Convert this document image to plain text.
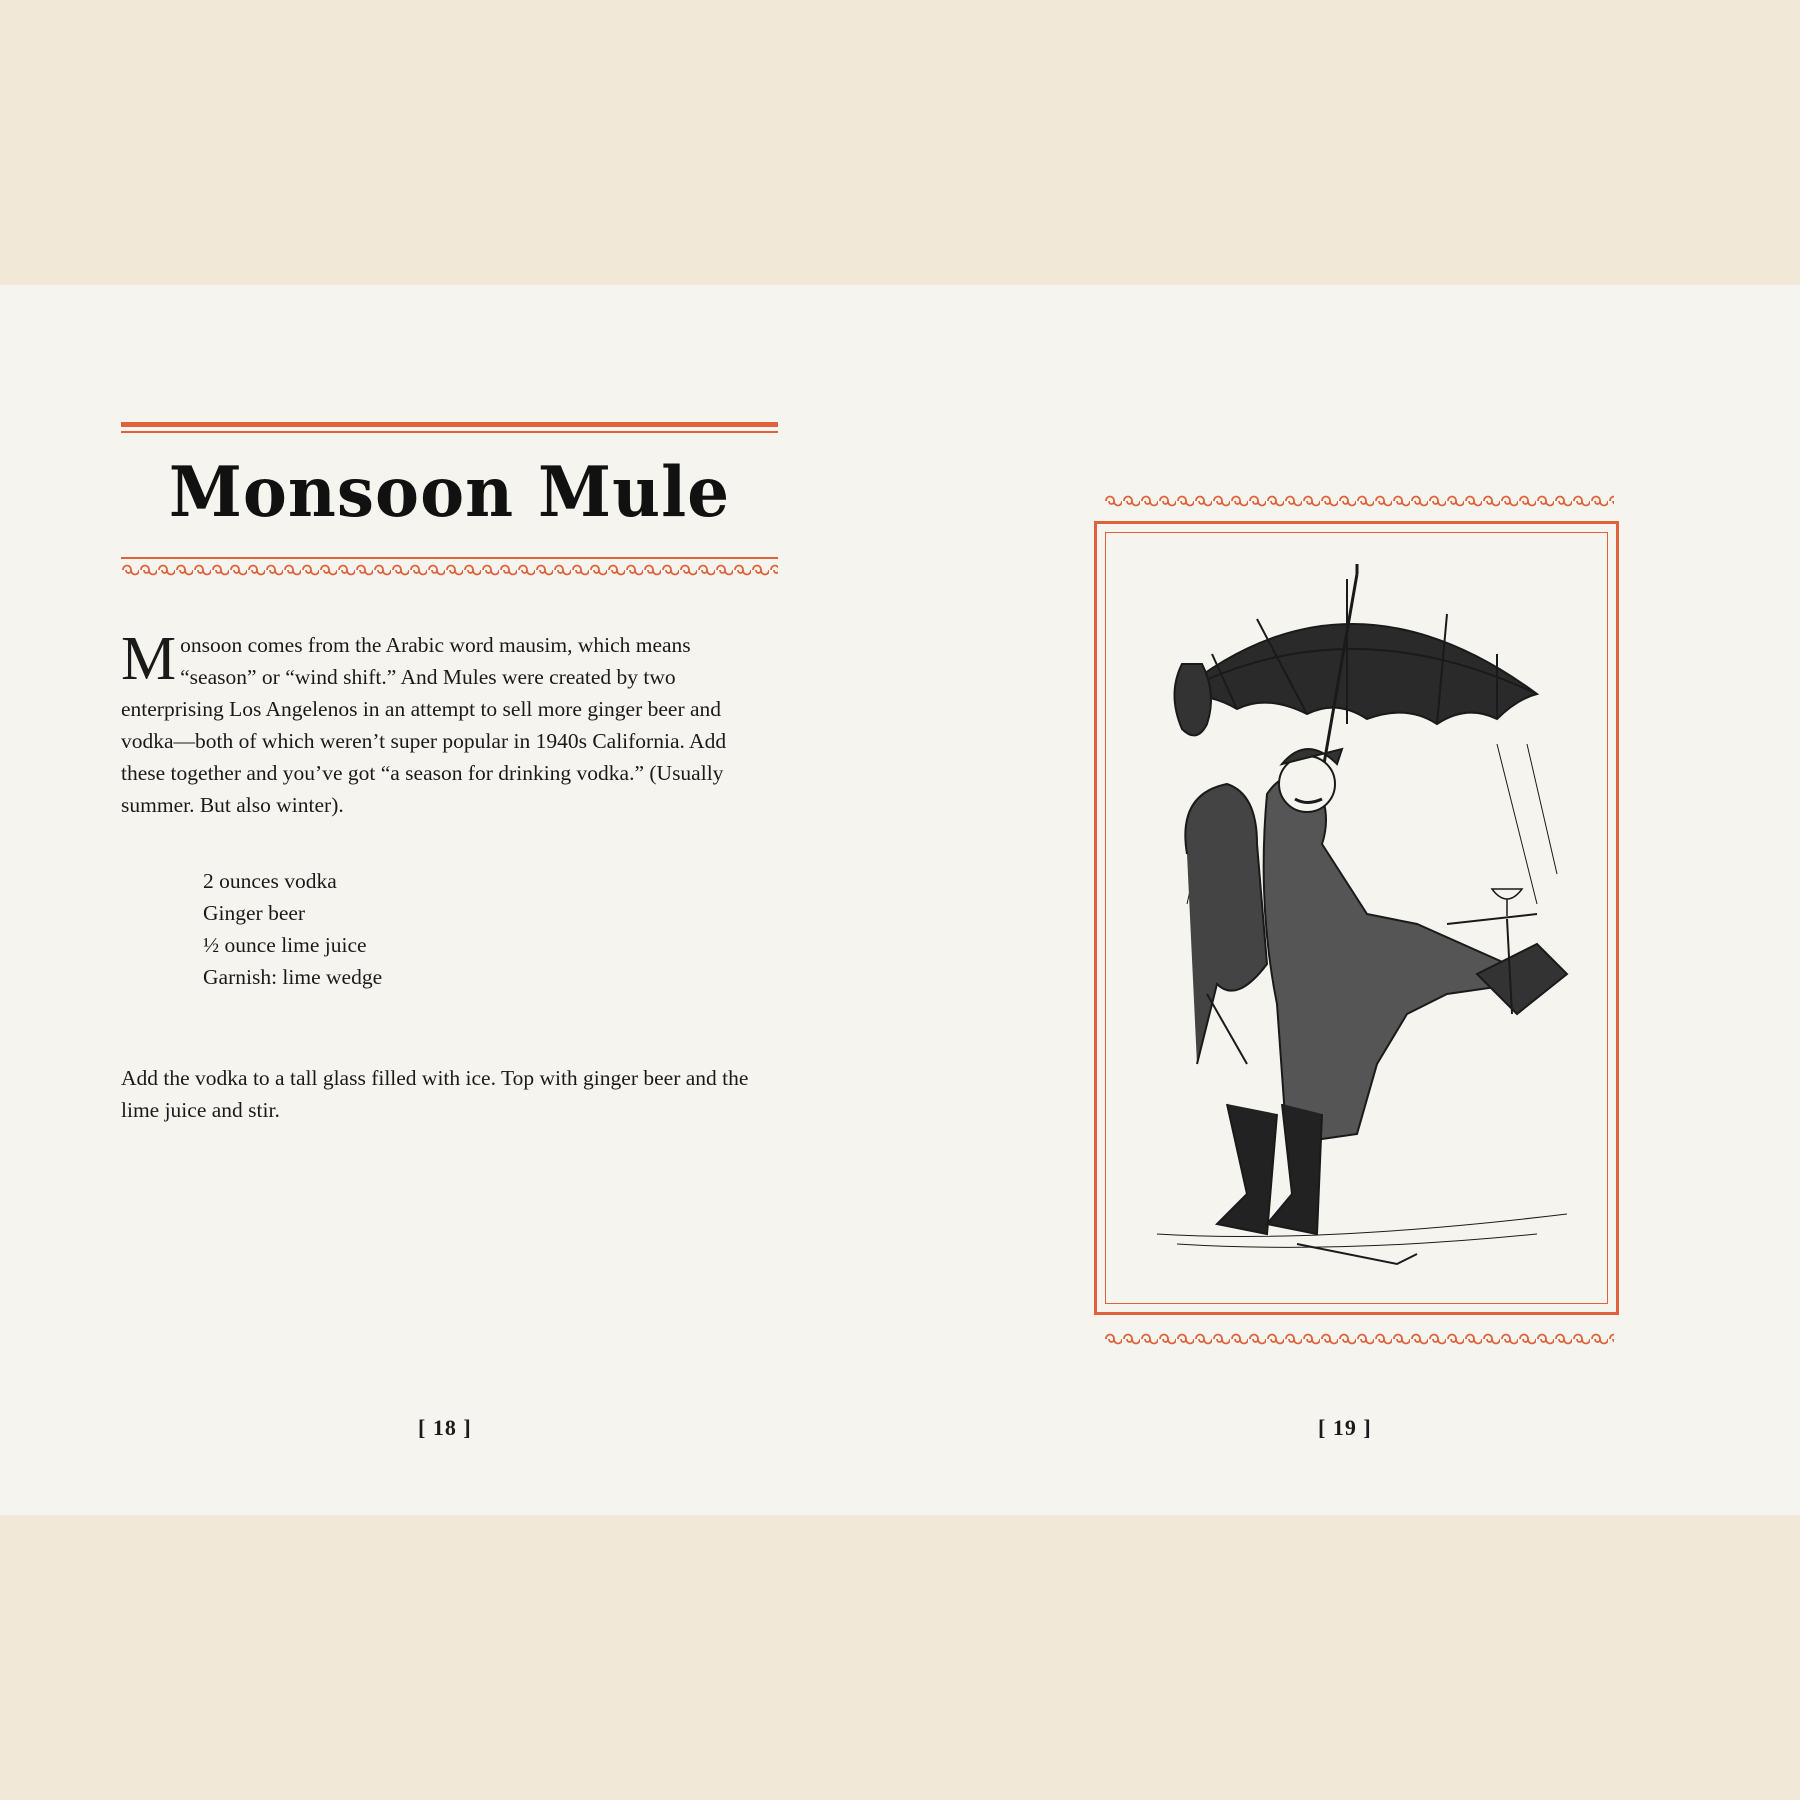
Monsoon Mule

Monsoon comes from the Arabic word mausim, which means “season” or “wind shift.” And Mules were created by two enterprising Los Angelenos in an attempt to sell more ginger beer and vodka—both of which weren’t super popular in 1940s California. Add these together and you’ve got “a season for drinking vodka.” (Usually summer. But also winter).

2 ounces vodka
Ginger beer
½ ounce lime juice
Garnish: lime wedge

Add the vodka to a tall glass filled with ice. Top with ginger beer and the lime juice and stir.

[ 18 ]	[ 19 ]
